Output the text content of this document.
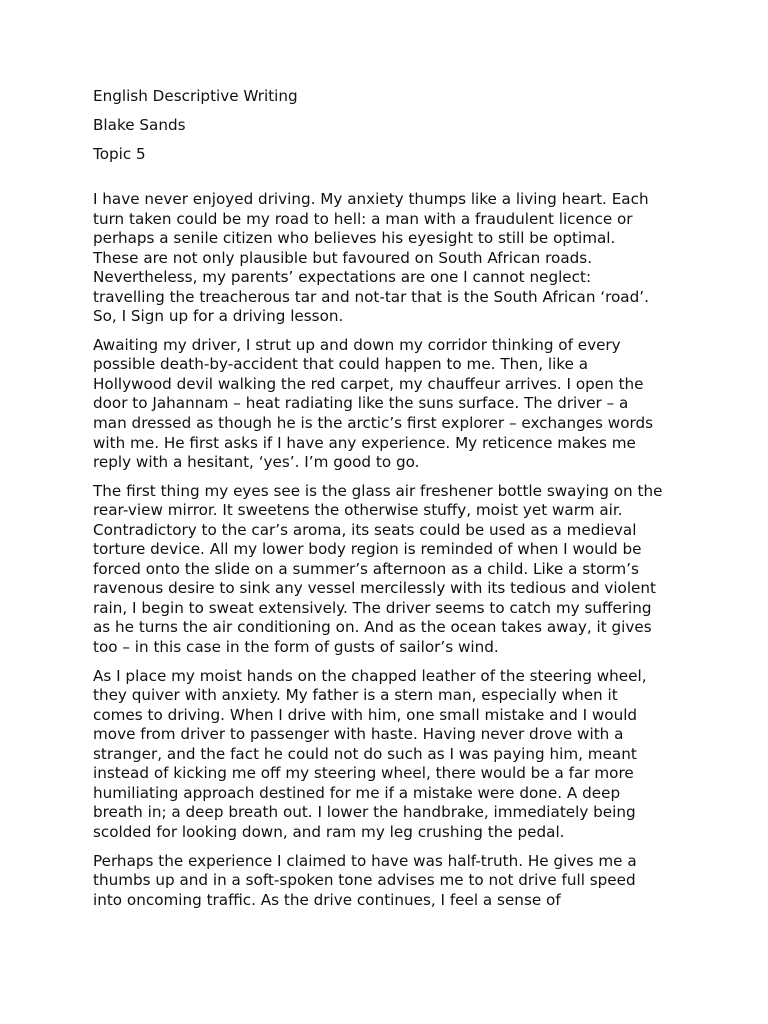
English Descriptive Writing

Blake Sands

Topic 5

I have never enjoyed driving. My anxiety thumps like a living heart. Each
turn taken could be my road to hell: a man with a fraudulent licence or
perhaps a senile citizen who believes his eyesight to still be optimal.
These are not only plausible but favoured on South African roads.
Nevertheless, my parents’ expectations are one I cannot neglect:
travelling the treacherous tar and not-tar that is the South African ‘road’.
So, I Sign up for a driving lesson.

Awaiting my driver, I strut up and down my corridor thinking of every
possible death-by-accident that could happen to me. Then, like a
Hollywood devil walking the red carpet, my chauffeur arrives. I open the
door to Jahannam – heat radiating like the suns surface. The driver – a
man dressed as though he is the arctic’s first explorer – exchanges words
with me. He first asks if I have any experience. My reticence makes me
reply with a hesitant, ‘yes’. I’m good to go.

The first thing my eyes see is the glass air freshener bottle swaying on the
rear-view mirror. It sweetens the otherwise stuffy, moist yet warm air.
Contradictory to the car’s aroma, its seats could be used as a medieval
torture device. All my lower body region is reminded of when I would be
forced onto the slide on a summer’s afternoon as a child. Like a storm’s
ravenous desire to sink any vessel mercilessly with its tedious and violent
rain, I begin to sweat extensively. The driver seems to catch my suffering
as he turns the air conditioning on. And as the ocean takes away, it gives
too – in this case in the form of gusts of sailor’s wind.

As I place my moist hands on the chapped leather of the steering wheel,
they quiver with anxiety. My father is a stern man, especially when it
comes to driving. When I drive with him, one small mistake and I would
move from driver to passenger with haste. Having never drove with a
stranger, and the fact he could not do such as I was paying him, meant
instead of kicking me off my steering wheel, there would be a far more
humiliating approach destined for me if a mistake were done. A deep
breath in; a deep breath out. I lower the handbrake, immediately being
scolded for looking down, and ram my leg crushing the pedal.

Perhaps the experience I claimed to have was half-truth. He gives me a
thumbs up and in a soft-spoken tone advises me to not drive full speed
into oncoming traffic. As the drive continues, I feel a sense of
